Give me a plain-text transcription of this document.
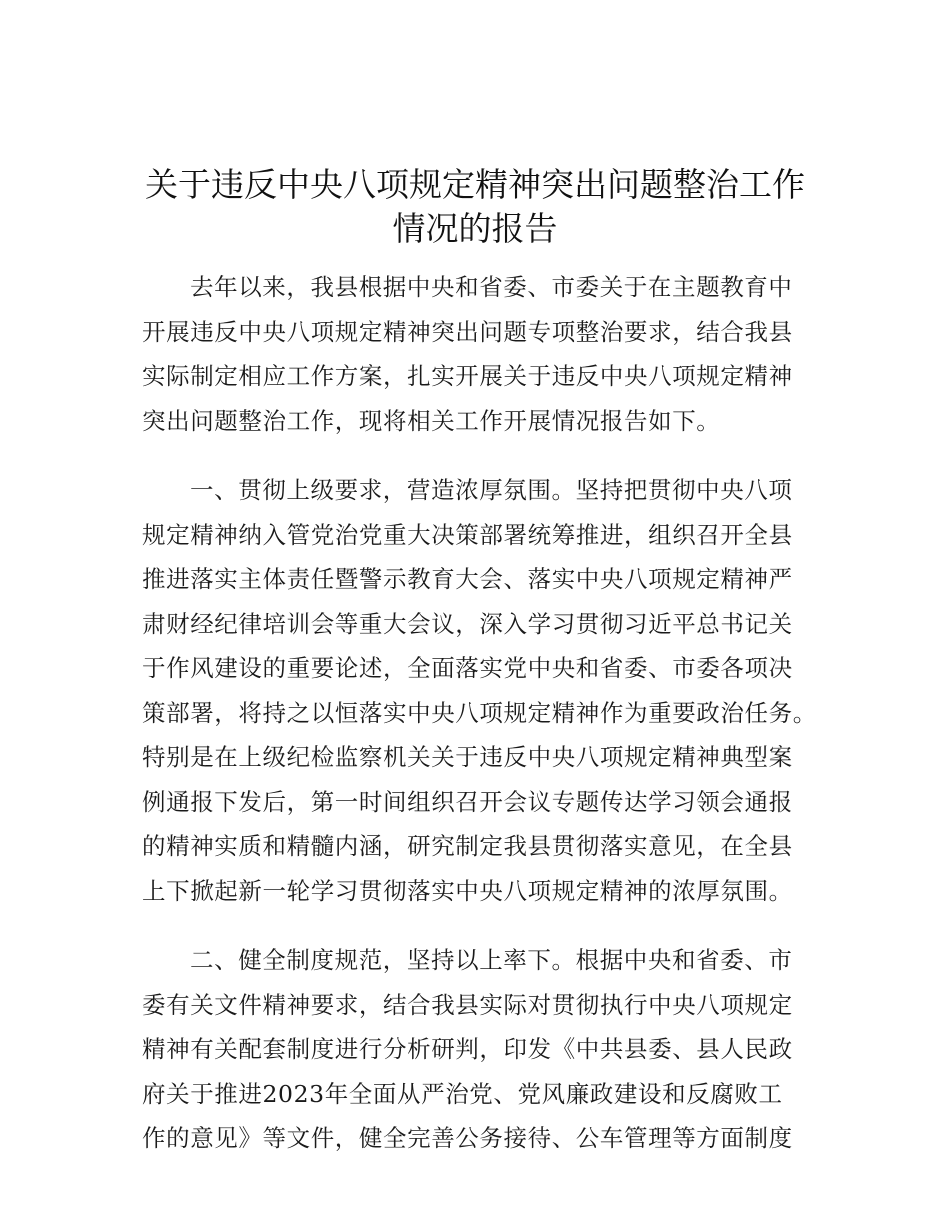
关于违反中央八项规定精神突出问题整治工作
情况的报告
去年以来，我县根据中央和省委、市委关于在主题教育中
开展违反中央八项规定精神突出问题专项整治要求，结合我县
实际制定相应工作方案，扎实开展关于违反中央八项规定精神
突出问题整治工作，现将相关工作开展情况报告如下。
一、贯彻上级要求，营造浓厚氛围。坚持把贯彻中央八项
规定精神纳入管党治党重大决策部署统筹推进，组织召开全县
推进落实主体责任暨警示教育大会、落实中央八项规定精神严
肃财经纪律培训会等重大会议，深入学习贯彻习近平总书记关
于作风建设的重要论述，全面落实党中央和省委、市委各项决
策部署，将持之以恒落实中央八项规定精神作为重要政治任务。
特别是在上级纪检监察机关关于违反中央八项规定精神典型案
例通报下发后，第一时间组织召开会议专题传达学习领会通报
的精神实质和精髓内涵，研究制定我县贯彻落实意见，在全县
上下掀起新一轮学习贯彻落实中央八项规定精神的浓厚氛围。
二、健全制度规范，坚持以上率下。根据中央和省委、市
委有关文件精神要求，结合我县实际对贯彻执行中央八项规定
精神有关配套制度进行分析研判，印发《中共县委、县人民政
府关于推进2023年全面从严治党、党风廉政建设和反腐败工
作的意见》等文件，健全完善公务接待、公车管理等方面制度
